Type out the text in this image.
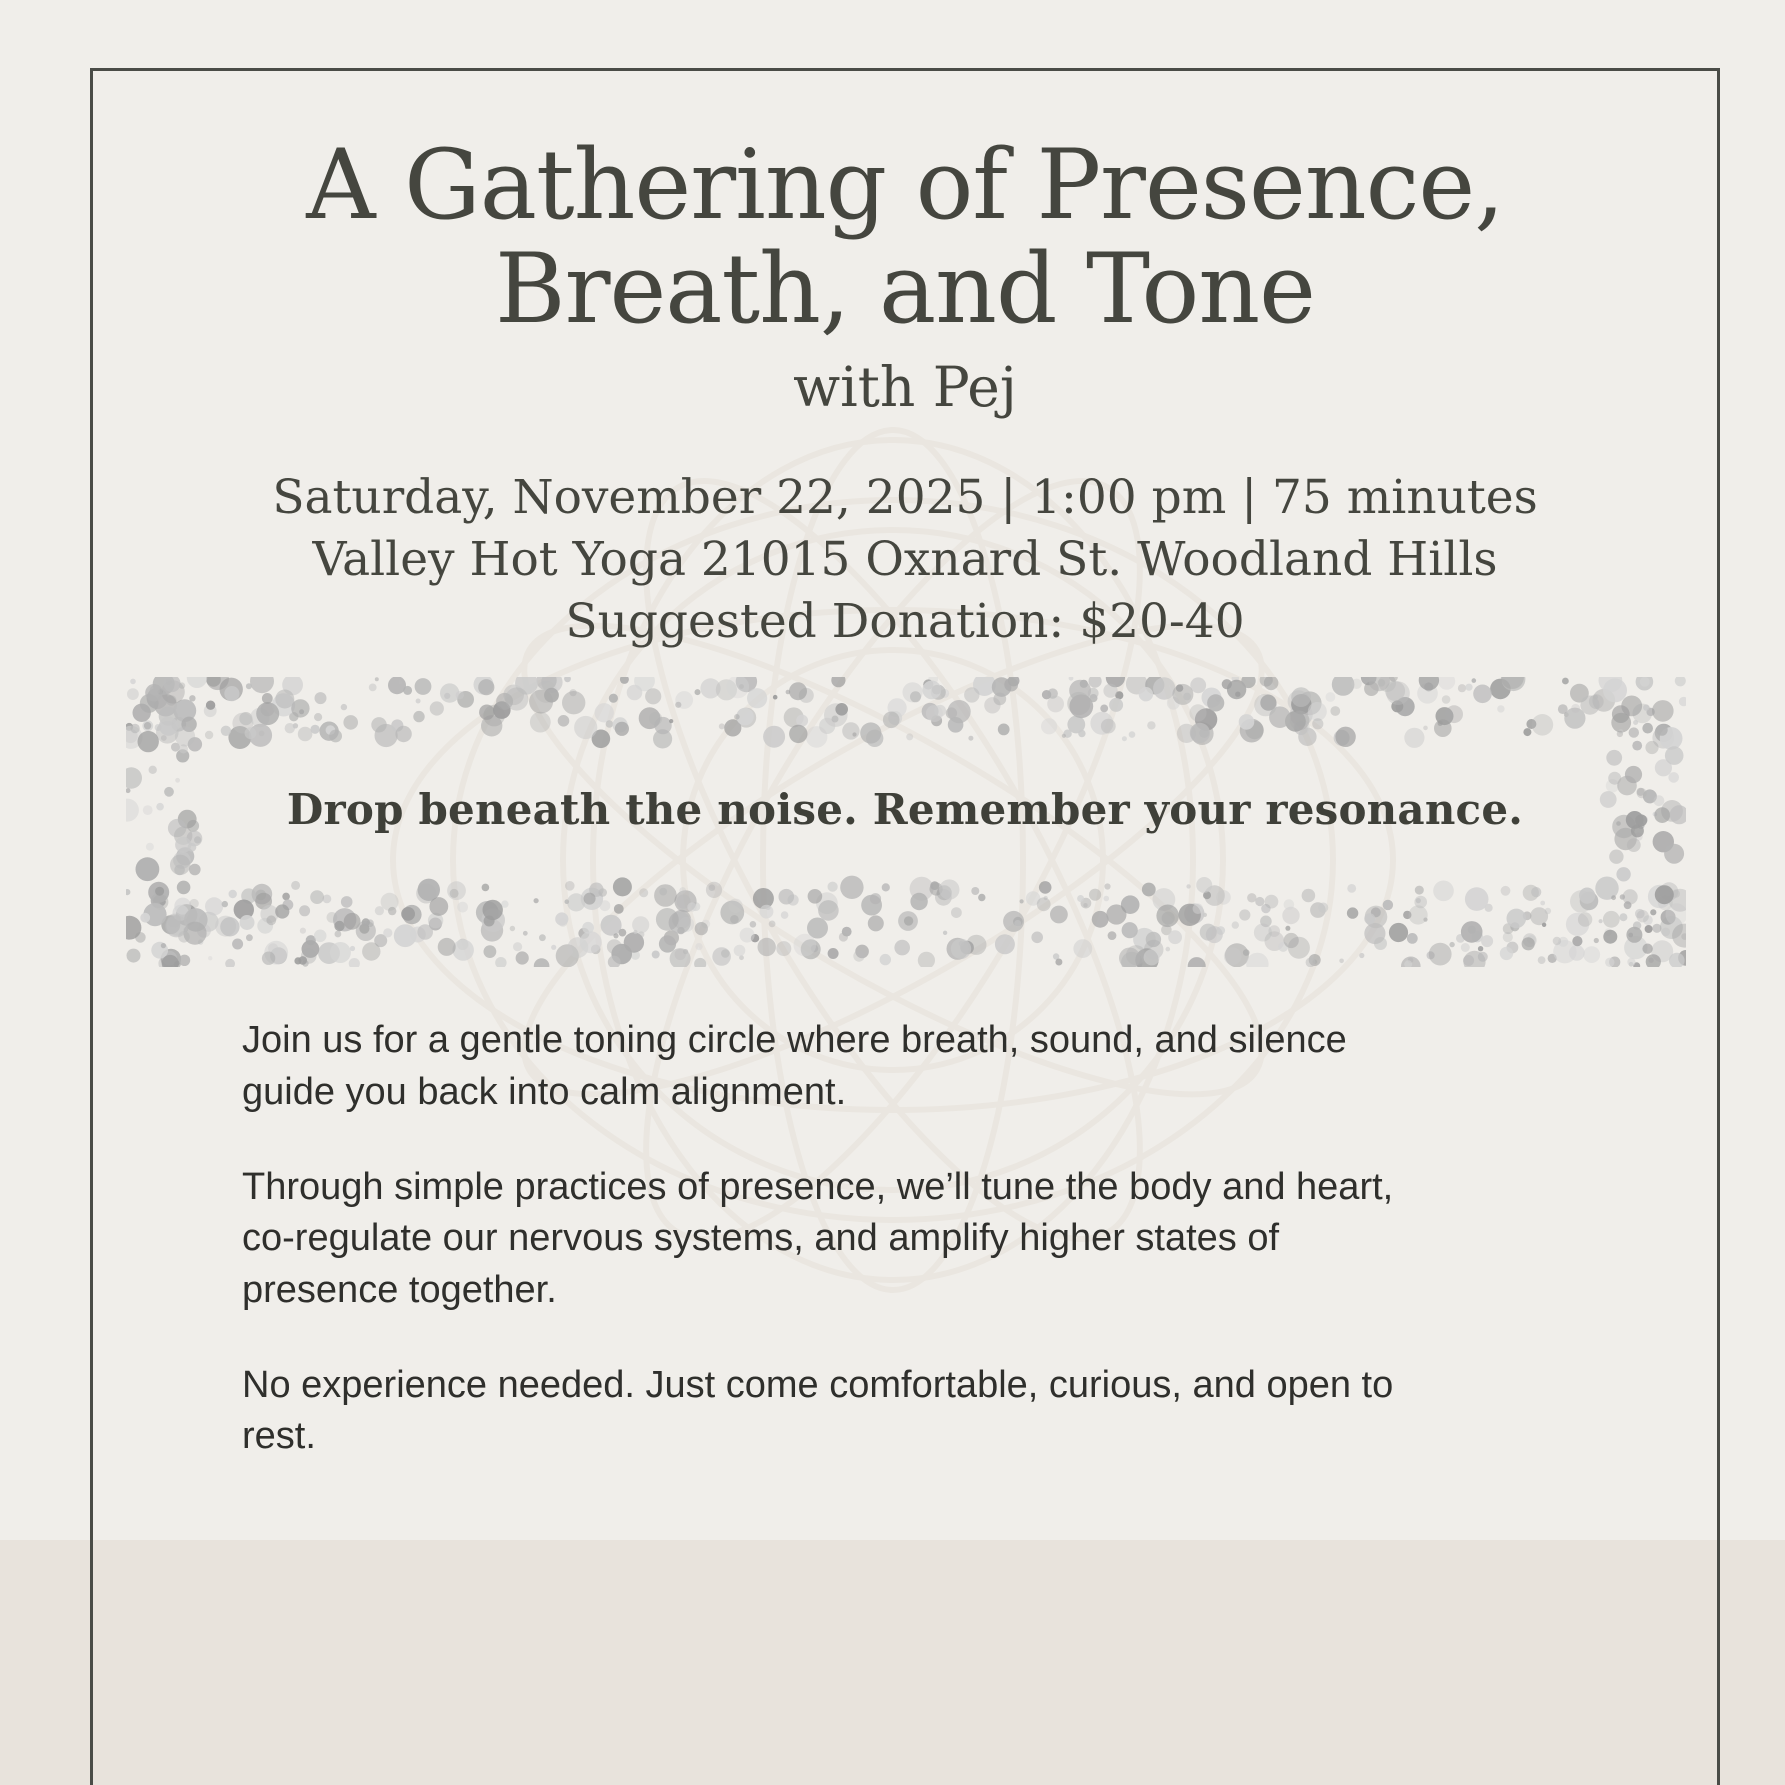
A Gathering of Presence, Breath, and Tone
with Pej
Saturday, November 22, 2025 | 1:00 pm | 75 minutes
Valley Hot Yoga 21015 Oxnard St. Woodland Hills
Suggested Donation: $20-40
Drop beneath the noise. Remember your resonance.

Join us for a gentle toning circle where breath, sound, and silence guide you back into calm alignment.

Through simple practices of presence, we’ll tune the body and heart, co-regulate our nervous systems, and amplify higher states of presence together.

No experience needed. Just come comfortable, curious, and open to rest.
